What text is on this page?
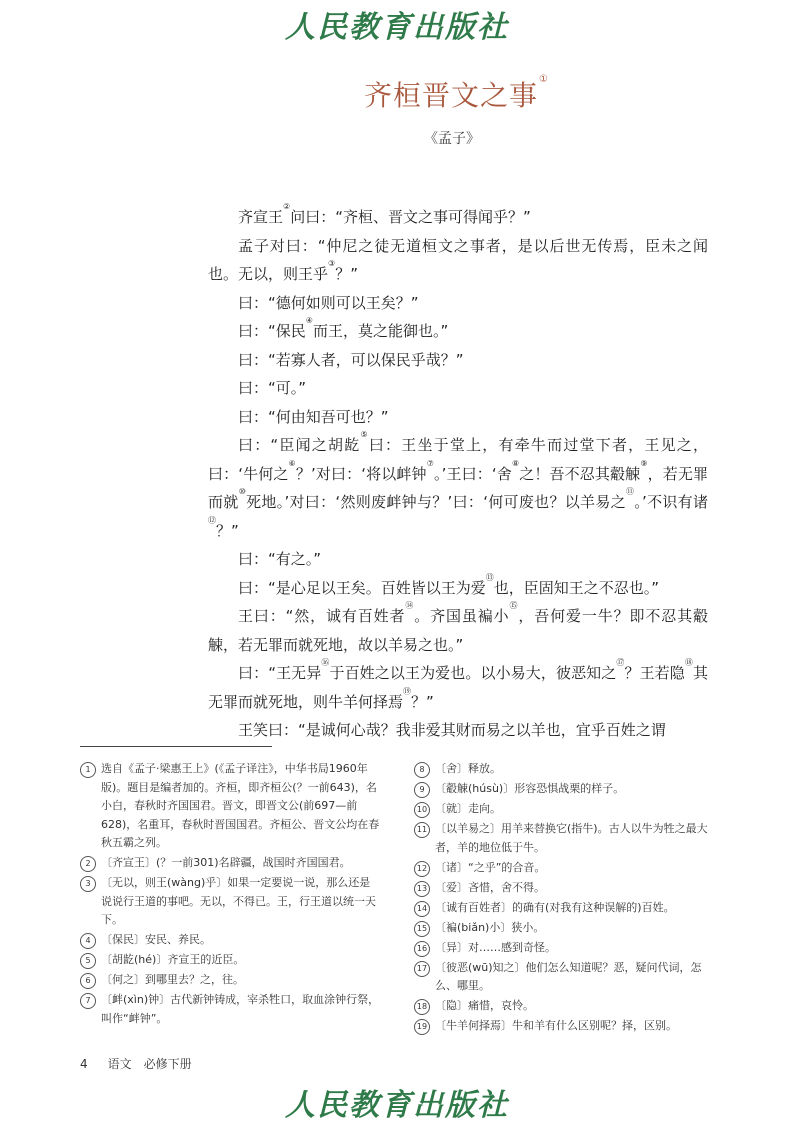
人民教育出版社
齐桓晋文之事①
《孟子》

齐宣王②问曰：“齐桓、晋文之事可得闻乎？”

孟子对曰：“仲尼之徒无道桓文之事者，是以后世无传焉，臣未之闻也。无以，则王乎③？”

曰：“德何如则可以王矣？”

曰：“保民④而王，莫之能御也。”

曰：“若寡人者，可以保民乎哉？”

曰：“可。”

曰：“何由知吾可也？”

曰：“臣闻之胡龁⑤曰：王坐于堂上，有牵牛而过堂下者，王见之，曰：‘牛何之⑥？’对曰：‘将以衅钟⑦。’王曰：‘舍⑧之！吾不忍其觳觫⑨，若无罪而就⑩死地。’对曰：‘然则废衅钟与？’曰：‘何可废也？以羊易之⑪。’不识有诸⑫？”

曰：“有之。”

曰：“是心足以王矣。百姓皆以王为爱⑬也，臣固知王之不忍也。”

王曰：“然，诚有百姓者⑭。齐国虽褊小⑮，吾何爱一牛？即不忍其觳觫，若无罪而就死地，故以羊易之也。”

曰：“王无异⑯于百姓之以王为爱也。以小易大，彼恶知之⑰？王若隐⑱其无罪而就死地，则牛羊何择焉⑲？”

王笑曰：“是诚何心哉？我非爱其财而易之以羊也，宜乎百姓之谓

1 选自《孟子·梁惠王上》(《孟子译注》，中华书局1960年版)。题目是编者加的。齐桓，即齐桓公(？一前643)，名小白，春秋时齐国国君。晋文，即晋文公(前697—前628)，名重耳，春秋时晋国国君。齐桓公、晋文公均在春秋五霸之列。
2 〔齐宣王〕(？一前301)名辟疆，战国时齐国国君。
3 〔无以，则王(wàng)乎〕如果一定要说一说，那么还是说说行王道的事吧。无以，不得已。王，行王道以统一天下。
4 〔保民〕安民、养民。
5 〔胡龁(hé)〕齐宣王的近臣。
6 〔何之〕到哪里去？之，往。
7 〔衅(xìn)钟〕古代新钟铸成，宰杀牲口，取血涂钟行祭，叫作“衅钟”。
8 〔舍〕释放。
9 〔觳觫(húsù)〕形容恐惧战栗的样子。
10 〔就〕走向。
11 〔以羊易之〕用羊来替换它(指牛)。古人以牛为牲之最大者，羊的地位低于牛。
12 〔诸〕“之乎”的合音。
13 〔爱〕吝惜，舍不得。
14 〔诚有百姓者〕的确有(对我有这种误解的)百姓。
15 〔褊(biǎn)小〕狭小。
16 〔异〕对……感到奇怪。
17 〔彼恶(wū)知之〕他们怎么知道呢？恶，疑问代词，怎么、哪里。
18 〔隐〕痛惜，哀怜。
19 〔牛羊何择焉〕牛和羊有什么区别呢？择，区别。
4 语文　必修下册
人民教育出版社
